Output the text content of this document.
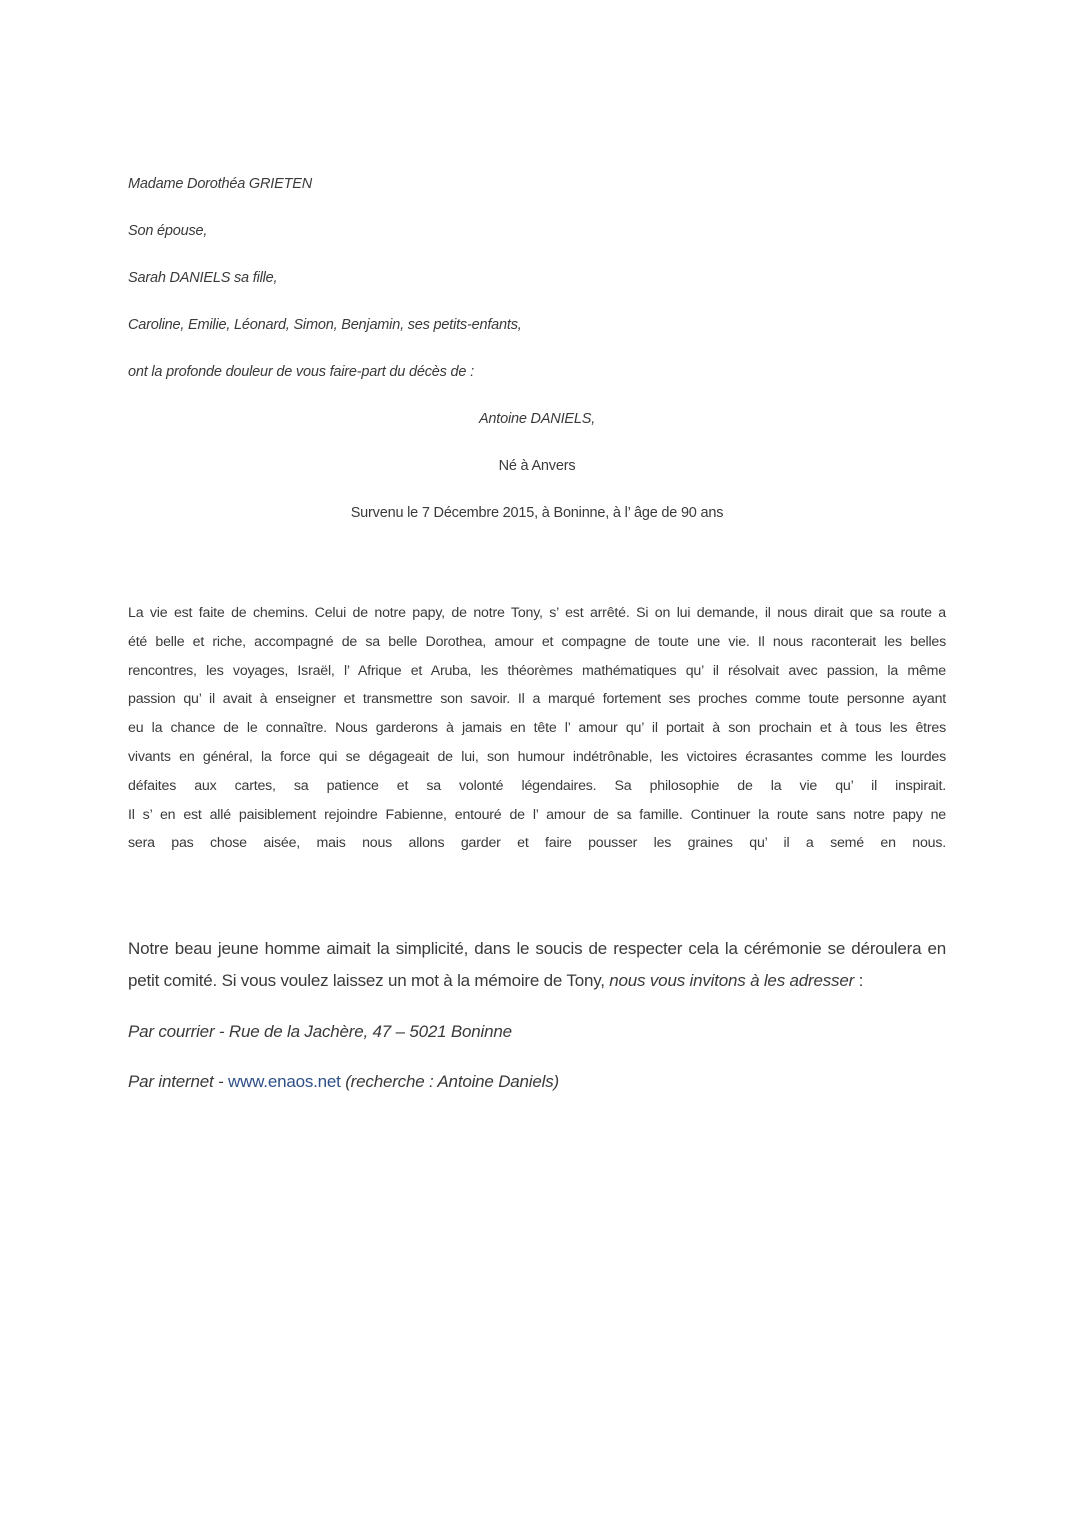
Madame Dorothéa GRIETEN
Son épouse,
Sarah DANIELS sa fille,
Caroline, Emilie, Léonard, Simon, Benjamin, ses petits-enfants,
ont la profonde douleur de vous faire-part du décès de :
Antoine DANIELS,
Né à Anvers
Survenu le 7 Décembre 2015, à Boninne, à l’ âge de 90 ans

La vie est faite de chemins. Celui de notre papy, de notre Tony, s’ est arrêté. Si on lui demande, il nous dirait que sa route a

été belle et riche, accompagné de sa belle Dorothea, amour et compagne de toute une vie. Il nous raconterait les belles

rencontres, les voyages, Israël, l’ Afrique et Aruba, les théorèmes mathématiques qu’ il résolvait avec passion, la même

passion qu’ il avait à enseigner et transmettre son savoir. Il a marqué fortement ses proches comme toute personne ayant

eu la chance de le connaître. Nous garderons à jamais en tête l’ amour qu’ il portait à son prochain et à tous les êtres

vivants en général, la force qui se dégageait de lui, son humour indétrônable, les victoires écrasantes comme les lourdes

défaites aux cartes, sa patience et sa volonté légendaires. Sa philosophie de la vie qu’ il inspirait.

Il s’ en est allé paisiblement rejoindre Fabienne, entouré de l’ amour de sa famille. Continuer la route sans notre papy ne

sera pas chose aisée, mais nous allons garder et faire pousser les graines qu’ il a semé en nous.

Notre beau jeune homme aimait la simplicité, dans le soucis de respecter cela la cérémonie se déroulera en

petit comité. Si vous voulez laissez un mot à la mémoire de Tony, nous vous invitons à les adresser :

Par courrier - Rue de la Jachère, 47 – 5021 Boninne
Par internet - www.enaos.net (recherche : Antoine Daniels)
